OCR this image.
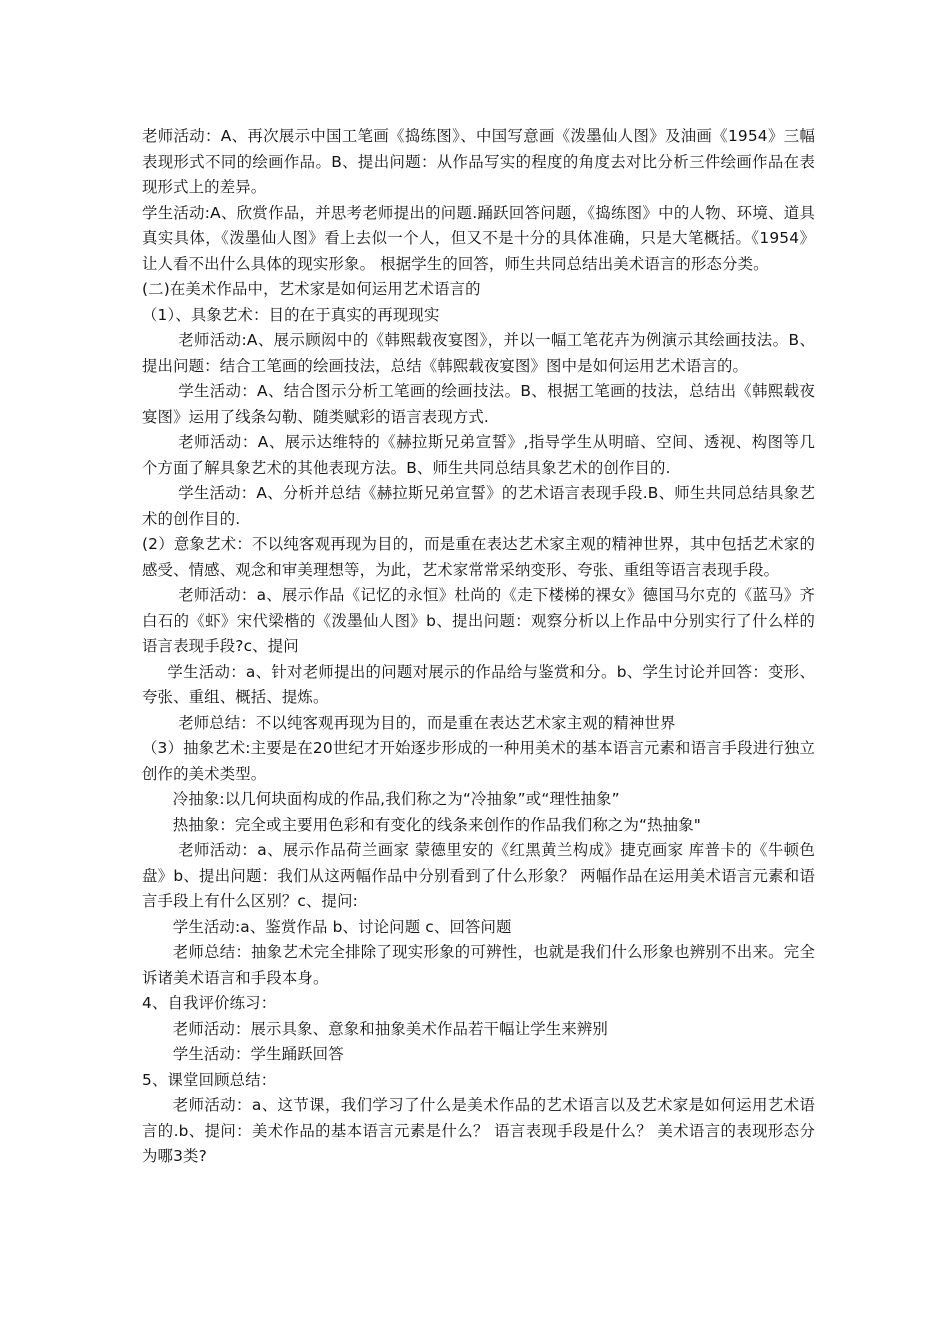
老师活动：A、再次展示中国工笔画《捣练图》、中国写意画《泼墨仙人图》及油画《1954》三幅表现形式不同的绘画作品。B、提出问题：从作品写实的程度的角度去对比分析三件绘画作品在表现形式上的差异。

学生活动:A、欣赏作品，并思考老师提出的问题.踊跃回答问题，《捣练图》中的人物、环境、道具真实具体，《泼墨仙人图》看上去似一个人，但又不是十分的具体准确，只是大笔概括。《1954》让人看不出什么具体的现实形象。 根据学生的回答，师生共同总结出美术语言的形态分类。

(二)在美术作品中，艺术家是如何运用艺术语言的

（1）、具象艺术：目的在于真实的再现现实

老师活动:A、展示顾闳中的《韩熙载夜宴图》，并以一幅工笔花卉为例演示其绘画技法。B、提出问题：结合工笔画的绘画技法，总结《韩熙载夜宴图》图中是如何运用艺术语言的。

学生活动：A、结合图示分析工笔画的绘画技法。B、根据工笔画的技法，总结出《韩熙载夜宴图》运用了线条勾勒、随类赋彩的语言表现方式.

老师活动：A、展示达维特的《赫拉斯兄弟宣誓》,指导学生从明暗、空间、透视、构图等几个方面了解具象艺术的其他表现方法。B、师生共同总结具象艺术的创作目的.

学生活动：A、分析并总结《赫拉斯兄弟宣誓》的艺术语言表现手段.B、师生共同总结具象艺术的创作目的.

(2）意象艺术：不以纯客观再现为目的，而是重在表达艺术家主观的精神世界，其中包括艺术家的感受、情感、观念和审美理想等，为此，艺术家常常采纳变形、夸张、重组等语言表现手段。

老师活动：a、展示作品《记忆的永恒》杜尚的《走下楼梯的裸女》德国马尔克的《蓝马》齐白石的《虾》宋代梁楷的《泼墨仙人图》b、提出问题：观察分析以上作品中分别实行了什么样的语言表现手段?c、提问

学生活动：a、针对老师提出的问题对展示的作品给与鉴赏和分。b、学生讨论并回答：变形、夸张、重组、概括、提炼。

老师总结：不以纯客观再现为目的，而是重在表达艺术家主观的精神世界

（3）抽象艺术:主要是在20世纪才开始逐步形成的一种用美术的基本语言元素和语言手段进行独立创作的美术类型。

冷抽象:以几何块面构成的作品,我们称之为“冷抽象”或“理性抽象”

热抽象：完全或主要用色彩和有变化的线条来创作的作品我们称之为“热抽象"

老师活动：a、展示作品荷兰画家 蒙德里安的《红黑黄兰构成》捷克画家 库普卡的《牛顿色盘》b、提出问题：我们从这两幅作品中分别看到了什么形象？ 两幅作品在运用美术语言元素和语言手段上有什么区别？c、提问:

学生活动:a、鉴赏作品 b、讨论问题 c、回答问题

老师总结：抽象艺术完全排除了现实形象的可辨性，也就是我们什么形象也辨别不出来。完全诉诸美术语言和手段本身。

4、自我评价练习：

老师活动：展示具象、意象和抽象美术作品若干幅让学生来辨别

学生活动：学生踊跃回答

5、课堂回顾总结：

老师活动：a、这节课，我们学习了什么是美术作品的艺术语言以及艺术家是如何运用艺术语言的.b、提问：美术作品的基本语言元素是什么？ 语言表现手段是什么？ 美术语言的表现形态分为哪3类?
